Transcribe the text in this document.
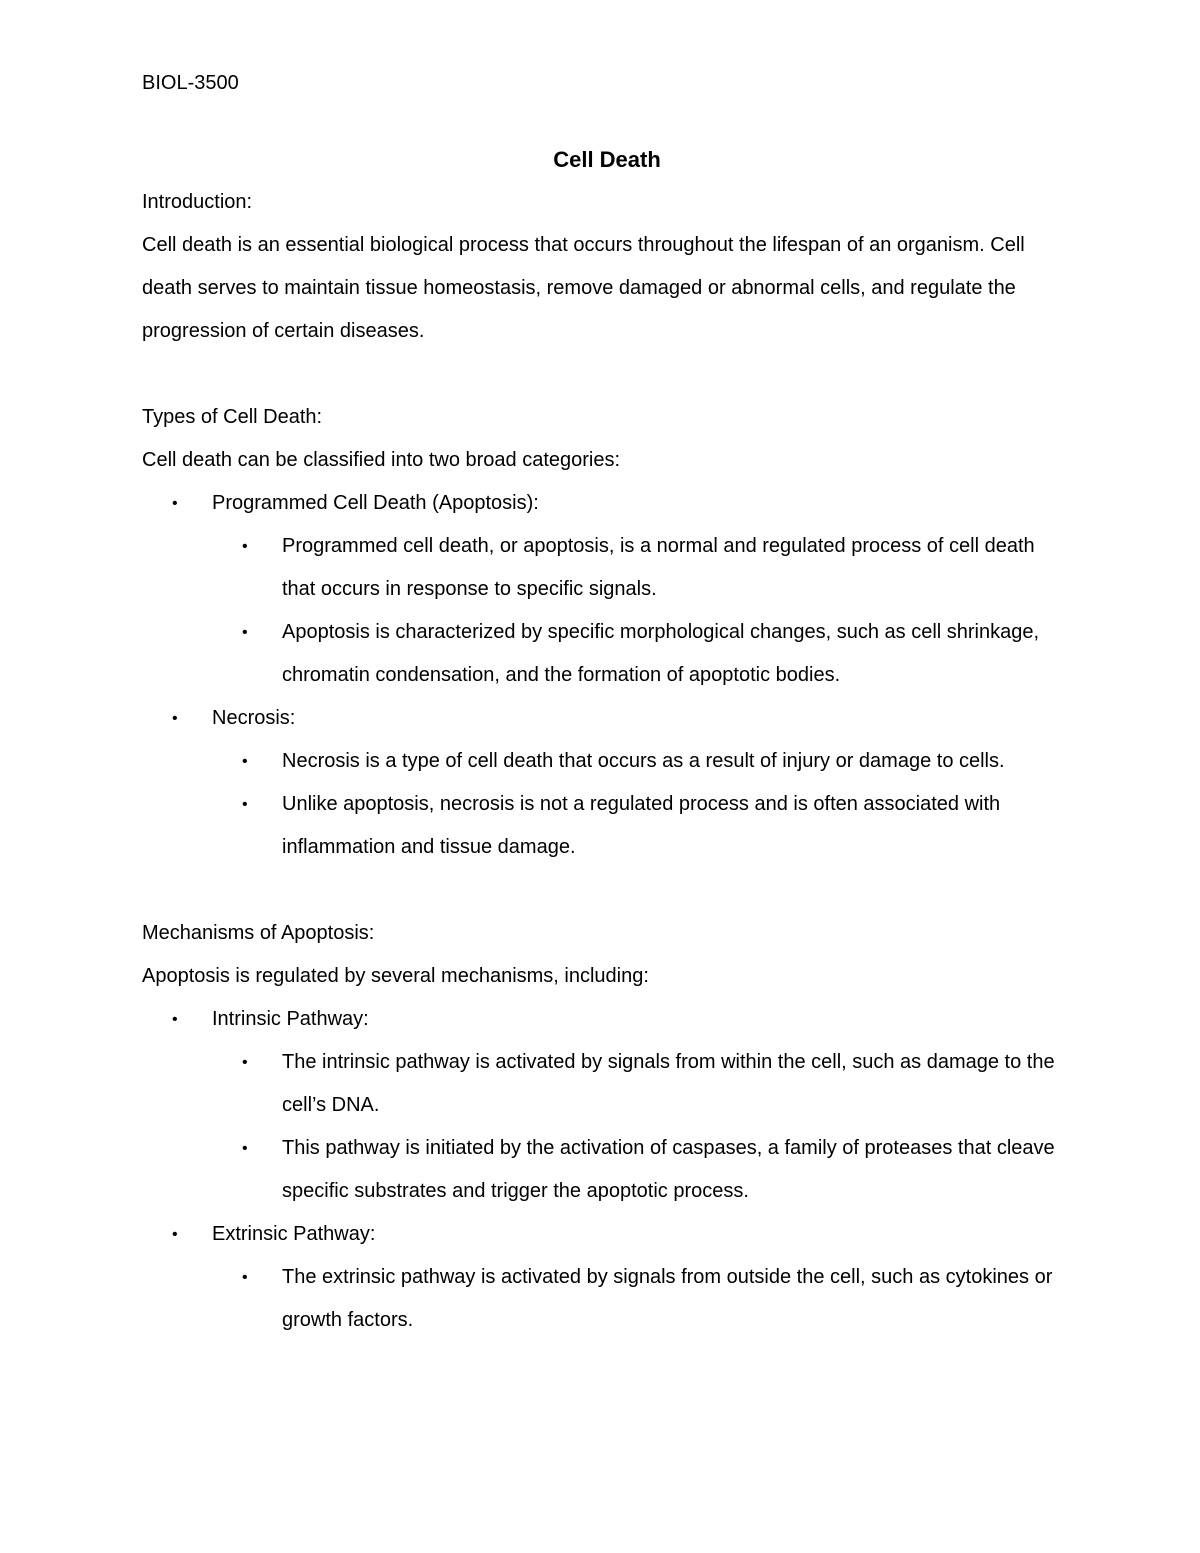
BIOL-3500
Cell Death

Introduction:

Cell death is an essential biological process that occurs throughout the lifespan of an organism. Cell death serves to maintain tissue homeostasis, remove damaged or abnormal cells, and regulate the progression of certain diseases.

Types of Cell Death:

Cell death can be classified into two broad categories:

• Programmed Cell Death (Apoptosis):
• Programmed cell death, or apoptosis, is a normal and regulated process of cell death that occurs in response to specific signals.
• Apoptosis is characterized by specific morphological changes, such as cell shrinkage, chromatin condensation, and the formation of apoptotic bodies.
• Necrosis:
• Necrosis is a type of cell death that occurs as a result of injury or damage to cells.
• Unlike apoptosis, necrosis is not a regulated process and is often associated with inflammation and tissue damage.

Mechanisms of Apoptosis:

Apoptosis is regulated by several mechanisms, including:

• Intrinsic Pathway:
• The intrinsic pathway is activated by signals from within the cell, such as damage to the cell’s DNA.
• This pathway is initiated by the activation of caspases, a family of proteases that cleave specific substrates and trigger the apoptotic process.
• Extrinsic Pathway:
• The extrinsic pathway is activated by signals from outside the cell, such as cytokines or growth factors.
